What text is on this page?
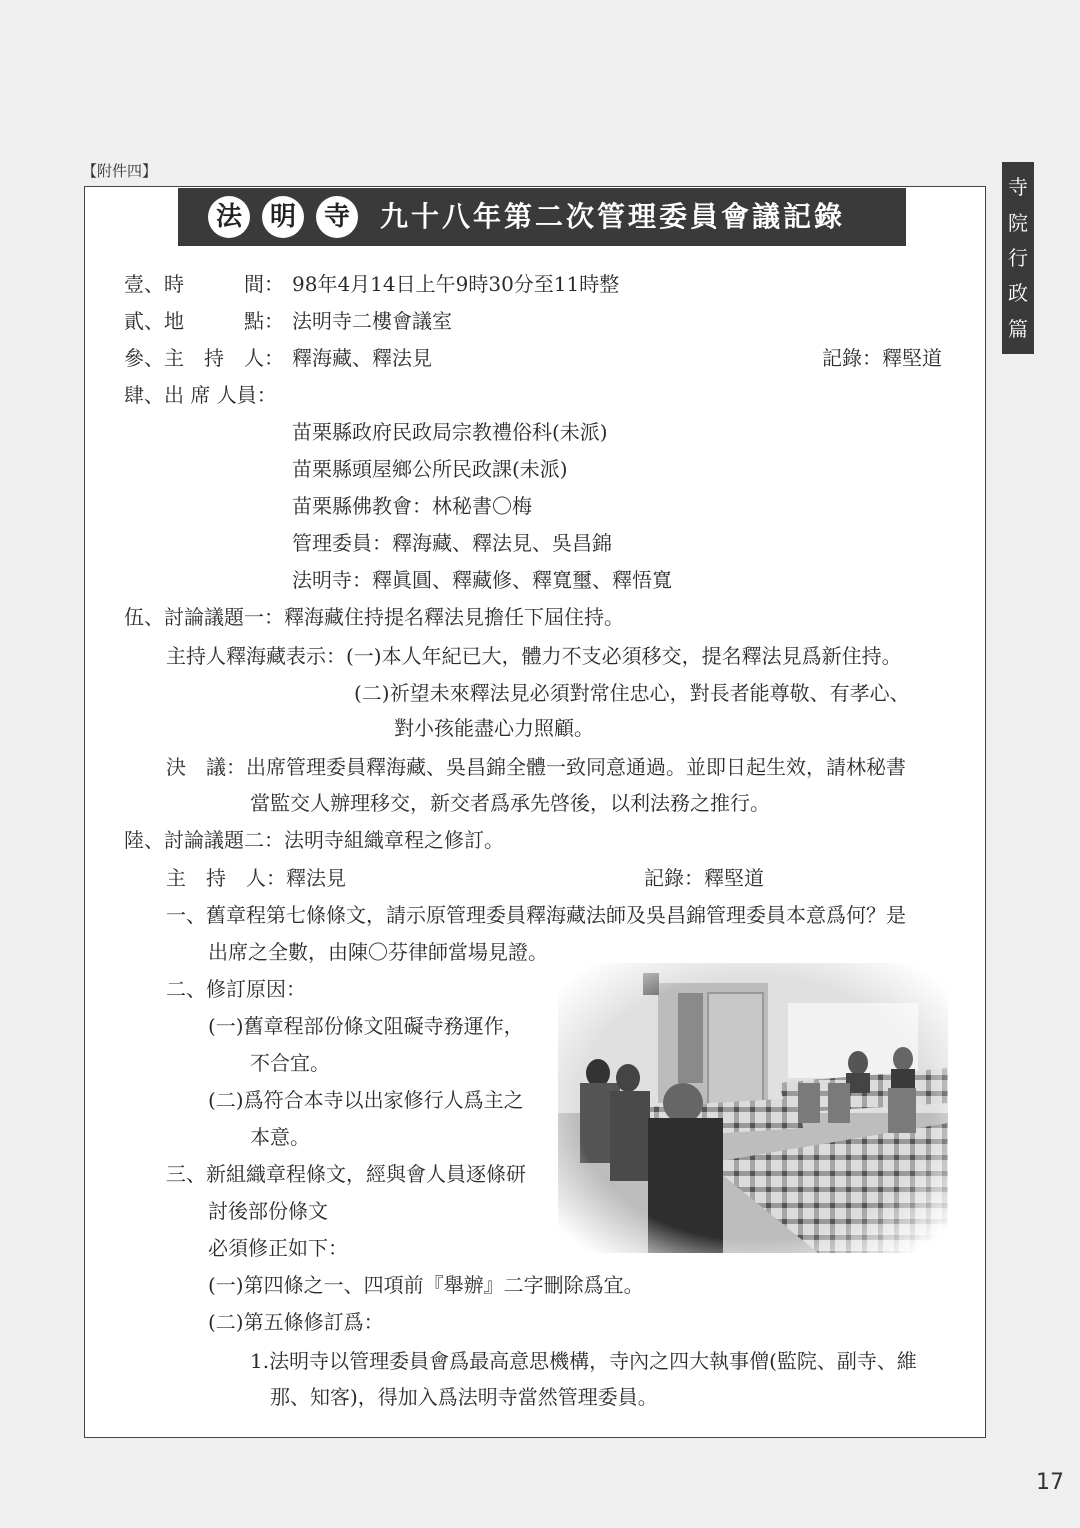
【附件四】
法	明	寺 九十八年第二次管理委員會議記錄
寺
院
行
政
篇
壹、時　　　間： 98年4月14日上午9時30分至11時整
貳、地　　　點： 法明寺二樓會議室
參、主　持　人： 釋海藏、釋法見	記錄：釋堅道
肆、出 席 人員：
苗栗縣政府民政局宗教禮俗科(未派)
苗栗縣頭屋鄉公所民政課(未派)
苗栗縣佛教會：林秘書〇梅
管理委員：釋海藏、釋法見、吳昌錦
法明寺：釋眞圓、釋藏修、釋寬璽、釋悟寬
伍、討論議題一：釋海藏住持提名釋法見擔任下屆住持。
主持人釋海藏表示：(一)本人年紀已大，體力不支必須移交，提名釋法見爲新住持。
(二)祈望未來釋法見必須對常住忠心，對長者能尊敬、有孝心、
對小孩能盡心力照顧。
決　議：出席管理委員釋海藏、吳昌錦全體一致同意通過。並即日起生效，請林秘書
當監交人辦理移交，新交者爲承先啓後，以利法務之推行。
陸、討論議題二：法明寺組織章程之修訂。
主　持　人：釋法見	記錄：釋堅道
一、舊章程第七條條文，請示原管理委員釋海藏法師及吳昌錦管理委員本意爲何？是
出席之全數，由陳〇芬律師當場見證。
二、修訂原因：
(一)舊章程部份條文阻礙寺務運作，
不合宜。
(二)爲符合本寺以出家修行人爲主之
本意。
三、新組織章程條文，經與會人員逐條研
討後部份條文
必須修正如下：
(一)第四條之一、四項前『舉辦』二字刪除爲宜。
(二)第五條修訂爲：
1.法明寺以管理委員會爲最高意思機構，寺內之四大執事僧(監院、副寺、維
那、知客)，得加入爲法明寺當然管理委員。
17
